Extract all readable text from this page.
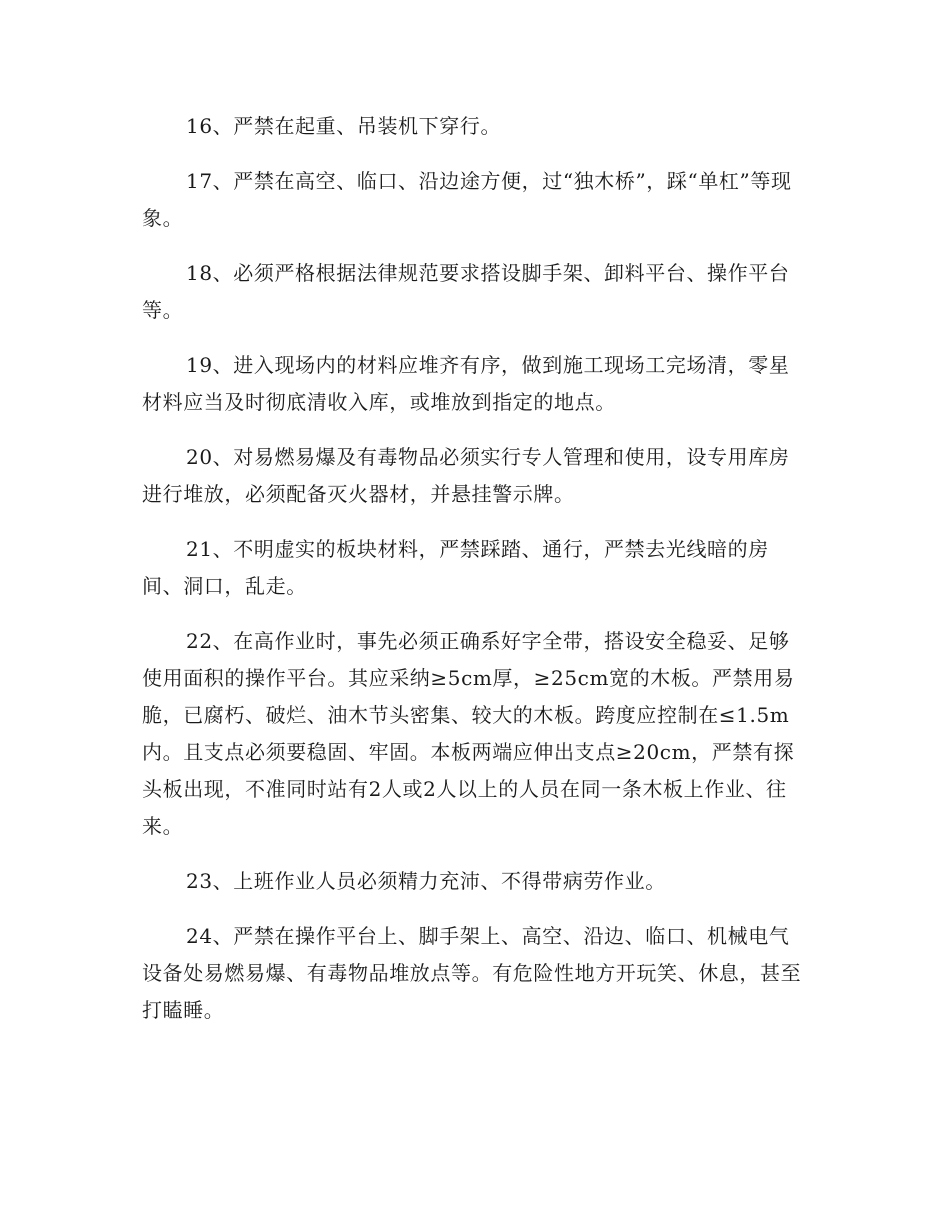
16、严禁在起重、吊装机下穿行。

17、严禁在高空、临口、沿边途方便，过“独木桥”，踩“单杠”等现象。

18、必须严格根据法律规范要求搭设脚手架、卸料平台、操作平台等。

19、进入现场内的材料应堆齐有序，做到施工现场工完场清，零星材料应当及时彻底清收入库，或堆放到指定的地点。

20、对易燃易爆及有毒物品必须实行专人管理和使用，设专用库房进行堆放，必须配备灭火器材，并悬挂警示牌。

21、不明虚实的板块材料，严禁踩踏、通行，严禁去光线暗的房间、洞口，乱走。

22、在高作业时，事先必须正确系好字全带，搭设安全稳妥、足够使用面积的操作平台。其应采纳≥5cm厚，≥25cm宽的木板。严禁用易脆，已腐朽、破烂、油木节头密集、较大的木板。跨度应控制在≤1.5m内。且支点必须要稳固、牢固。本板两端应伸出支点≥20cm，严禁有探头板出现，不准同时站有2人或2人以上的人员在同一条木板上作业、往来。

23、上班作业人员必须精力充沛、不得带病劳作业。

24、严禁在操作平台上、脚手架上、高空、沿边、临口、机械电气设备处易燃易爆、有毒物品堆放点等。有危险性地方开玩笑、休息，甚至打瞌睡。
